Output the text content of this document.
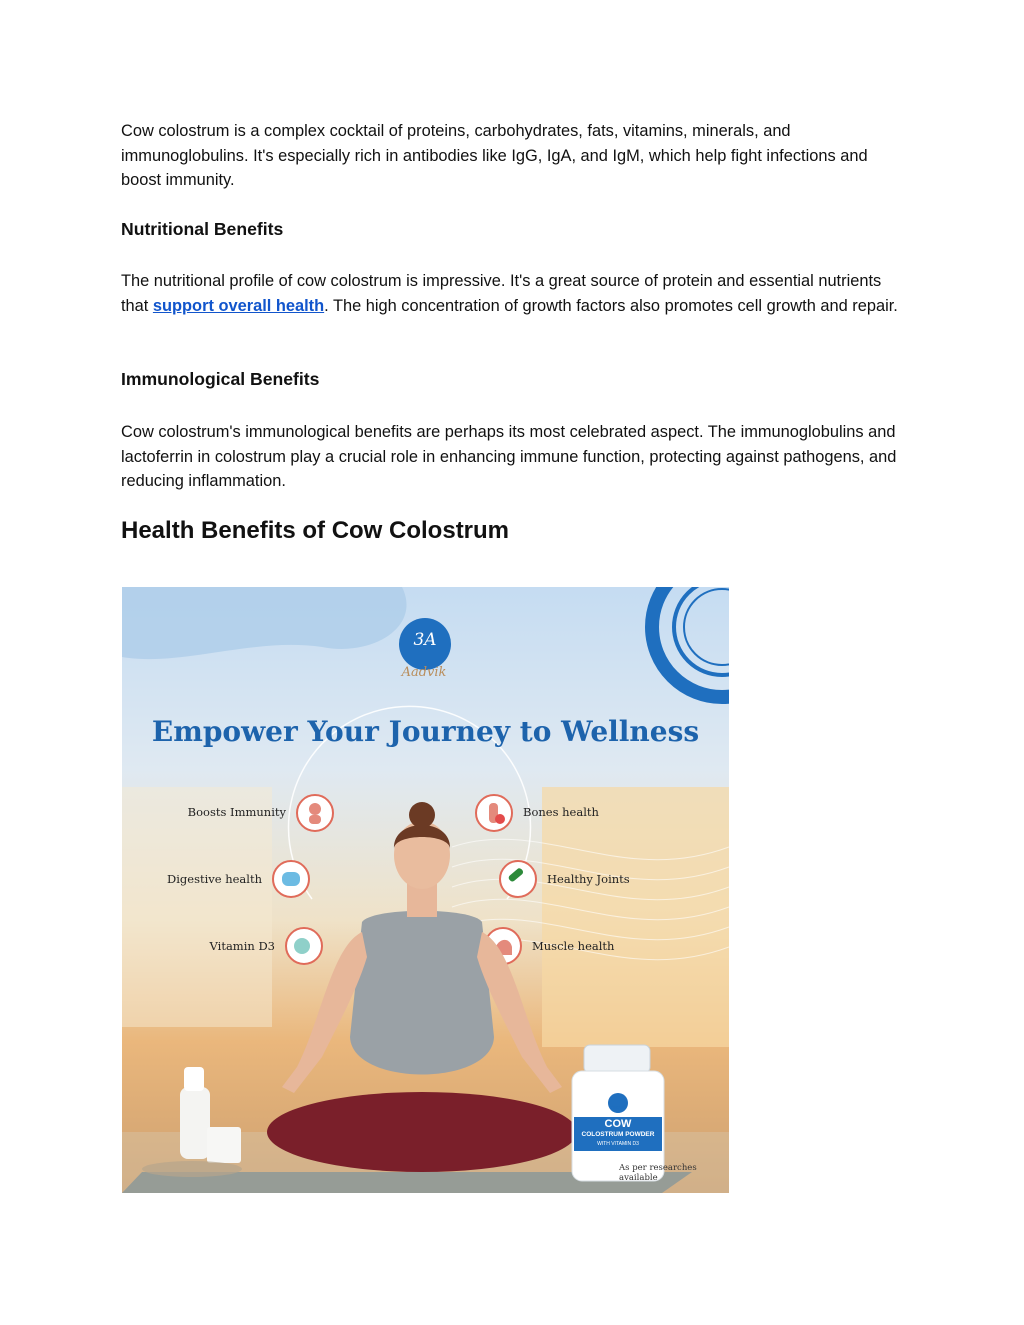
Cow colostrum is a complex cocktail of proteins, carbohydrates, fats, vitamins, minerals, and immunoglobulins. It's especially rich in antibodies like IgG, IgA, and IgM, which help fight infections and boost immunity.

Nutritional Benefits

The nutritional profile of cow colostrum is impressive. It's a great source of protein and essential nutrients that support overall health. The high concentration of growth factors also promotes cell growth and repair.

Immunological Benefits

Cow colostrum's immunological benefits are perhaps its most celebrated aspect. The immunoglobulins and lactoferrin in colostrum play a crucial role in enhancing immune function, protecting against pathogens, and reducing inflammation.

Health Benefits of Cow Colostrum
3A
Aadvik
Empower Your Journey to Wellness
Boosts Immunity
Digestive health
Vitamin D3
Bones health
Healthy Joints
Muscle health
COW
COLOSTRUM POWDER
WITH VITAMIN D3
Aadvik
As per researches available
